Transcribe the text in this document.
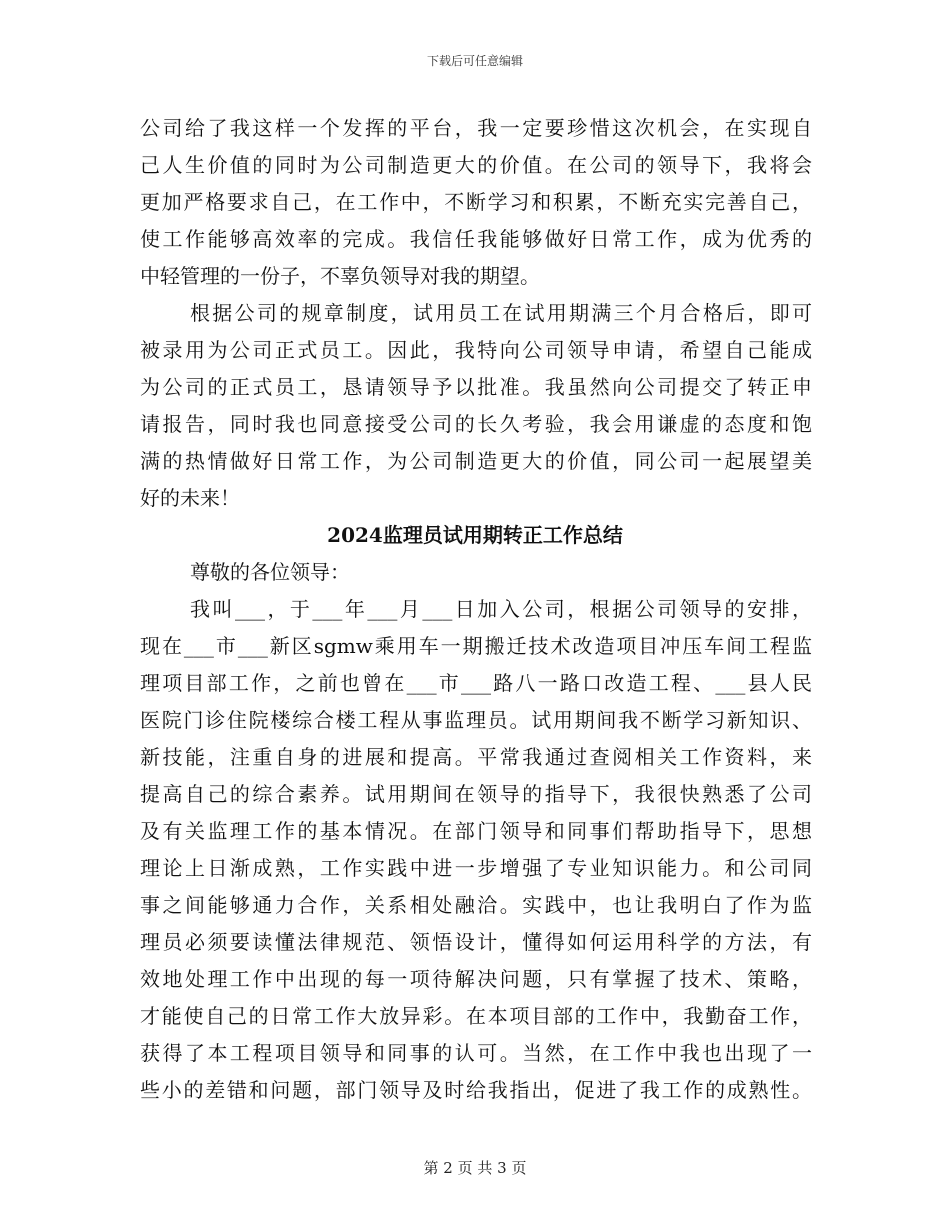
下载后可任意编辑
公司给了我这样一个发挥的平台，我一定要珍惜这次机会，在实现自
己人生价值的同时为公司制造更大的价值。在公司的领导下，我将会
更加严格要求自己，在工作中，不断学习和积累，不断充实完善自己，
使工作能够高效率的完成。我信任我能够做好日常工作，成为优秀的
中轻管理的一份子，不辜负领导对我的期望。
根据公司的规章制度，试用员工在试用期满三个月合格后，即可
被录用为公司正式员工。因此，我特向公司领导申请，希望自己能成
为公司的正式员工，恳请领导予以批准。我虽然向公司提交了转正申
请报告，同时我也同意接受公司的长久考验，我会用谦虚的态度和饱
满的热情做好日常工作，为公司制造更大的价值，同公司一起展望美
好的未来！
2024监理员试用期转正工作总结
尊敬的各位领导：
我叫___，于___年___月___日加入公司，根据公司领导的安排，
现在___市___新区sgmw乘用车一期搬迁技术改造项目冲压车间工程监
理项目部工作，之前也曾在___市___路八一路口改造工程、___县人民
医院门诊住院楼综合楼工程从事监理员。试用期间我不断学习新知识、
新技能，注重自身的进展和提高。平常我通过查阅相关工作资料，来
提高自己的综合素养。试用期间在领导的指导下，我很快熟悉了公司
及有关监理工作的基本情况。在部门领导和同事们帮助指导下，思想
理论上日渐成熟，工作实践中进一步增强了专业知识能力。和公司同
事之间能够通力合作，关系相处融洽。实践中，也让我明白了作为监
理员必须要读懂法律规范、领悟设计，懂得如何运用科学的方法，有
效地处理工作中出现的每一项待解决问题，只有掌握了技术、策略，
才能使自己的日常工作大放异彩。在本项目部的工作中，我勤奋工作，
获得了本工程项目领导和同事的认可。当然，在工作中我也出现了一
些小的差错和问题，部门领导及时给我指出，促进了我工作的成熟性。
第 2 页 共 3 页
